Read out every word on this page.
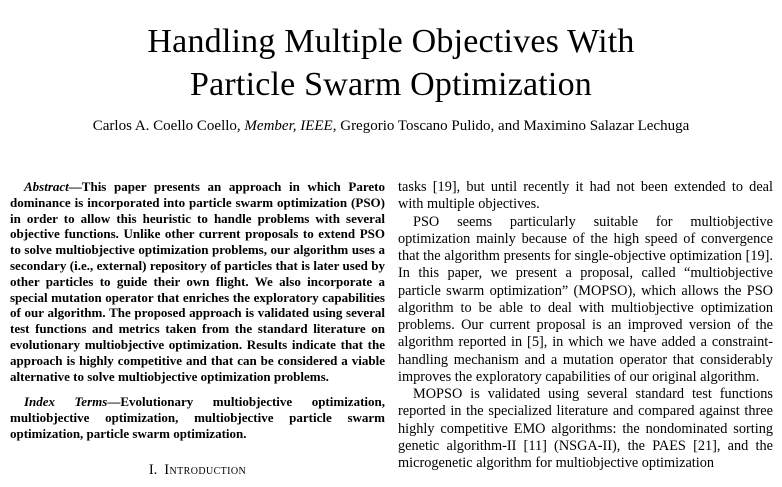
Handling Multiple Objectives With
Particle Swarm Optimization
Carlos A. Coello Coello, Member, IEEE, Gregorio Toscano Pulido, and Maximino Salazar Lechuga

Abstract—This paper presents an approach in which Pareto dominance is incorporated into particle swarm optimization (PSO) in order to allow this heuristic to handle problems with several objective functions. Unlike other current proposals to extend PSO to solve multiobjective optimization problems, our algorithm uses a secondary (i.e., external) repository of particles that is later used by other particles to guide their own flight. We also incorporate a special mutation operator that enriches the exploratory capabilities of our algorithm. The proposed approach is validated using several test functions and metrics taken from the standard literature on evolutionary multiobjective optimization. Results indicate that the approach is highly competitive and that can be considered a viable alternative to solve multiobjective optimization problems.

Index Terms—Evolutionary multiobjective optimization, multiobjective optimization, multiobjective particle swarm optimization, particle swarm optimization.

I. Introduction

tasks [19], but until recently it had not been extended to deal with multiple objectives.

PSO seems particularly suitable for multiobjective optimization mainly because of the high speed of convergence that the algorithm presents for single-objective optimization [19]. In this paper, we present a proposal, called “multiobjective particle swarm optimization” (MOPSO), which allows the PSO algorithm to be able to deal with multiobjective optimization problems. Our current proposal is an improved version of the algorithm reported in [5], in which we have added a constraint-handling mechanism and a mutation operator that considerably improves the exploratory capabilities of our original algorithm.

MOPSO is validated using several standard test functions reported in the specialized literature and compared against three highly competitive EMO algorithms: the nondominated sorting genetic algorithm-II [11] (NSGA-II), the PAES [21], and the microgenetic algorithm for multiobjective optimization
